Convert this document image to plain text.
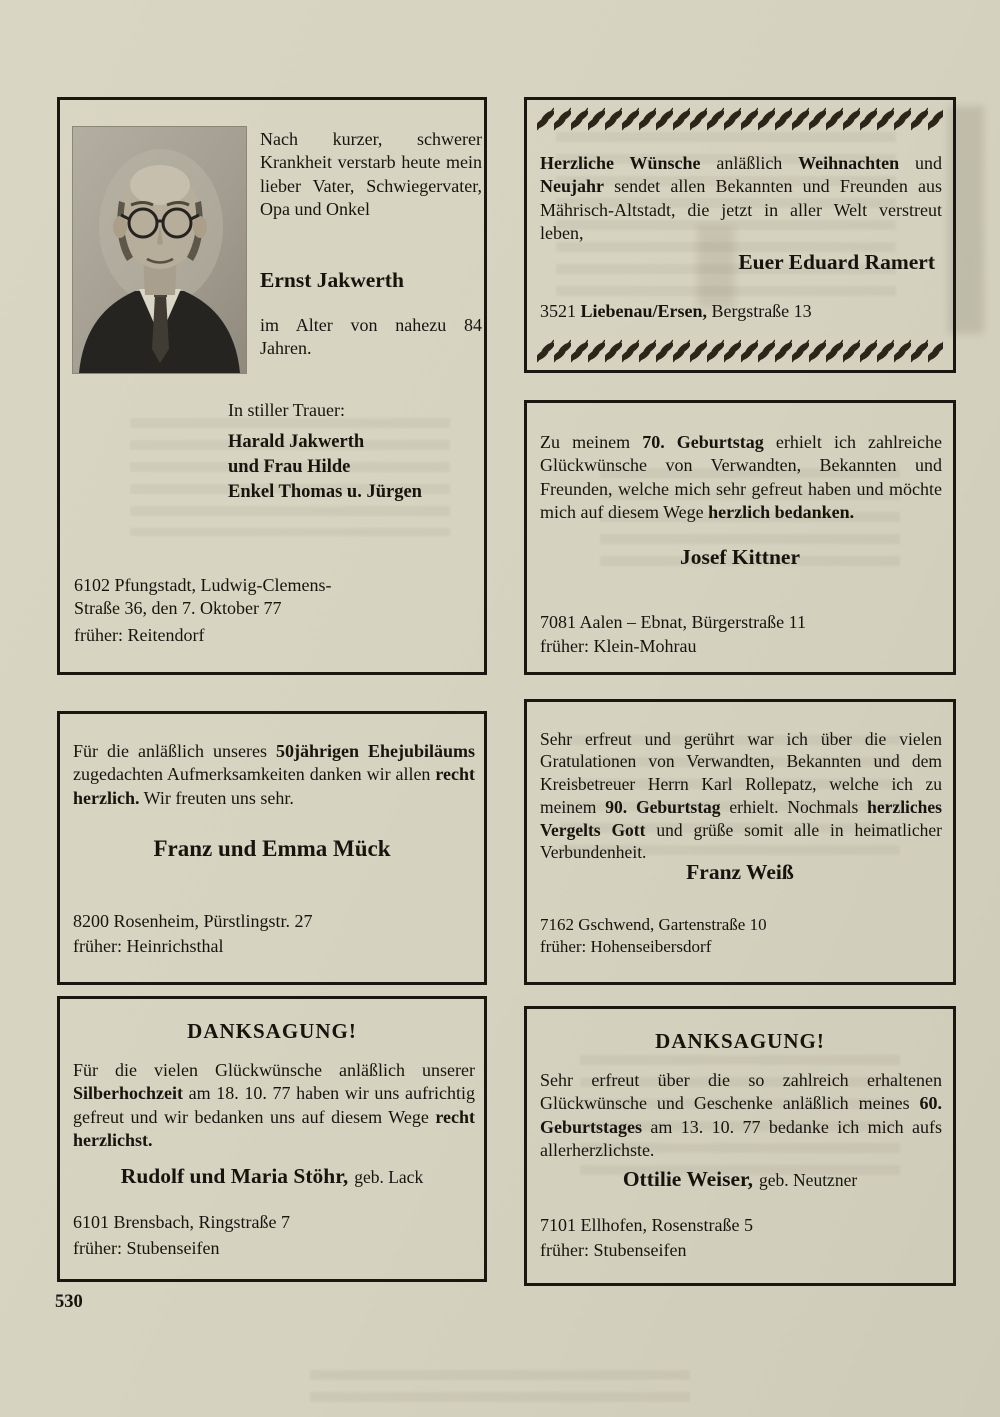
Nach kurzer, schwerer Krankheit verstarb heute mein lieber Vater, Schwiegervater, Opa und Onkel

Ernst Jakwerth

im Alter von nahezu 84 Jahren.

In stiller Trauer:
Harald Jakwerth
und Frau Hilde
Enkel Thomas u. Jürgen
6102 Pfungstadt, Ludwig-Clemens-
Straße 36, den 7. Oktober 77
früher: Reitendorf

Herzliche Wünsche anläßlich Weihnachten und Neujahr sendet allen Bekannten und Freunden aus Mährisch-Altstadt, die jetzt in aller Welt verstreut leben,

Euer Eduard Ramert
3521 Liebenau/Ersen, Bergstraße 13

Zu meinem 70. Geburtstag erhielt ich zahlreiche Glückwünsche von Verwandten, Bekannten und Freunden, welche mich sehr gefreut haben und möchte mich auf diesem Wege herzlich bedanken.

Josef Kittner
7081 Aalen – Ebnat, Bürgerstraße 11
früher: Klein-Mohrau

Für die anläßlich unseres 50jährigen Ehejubiläums zugedachten Aufmerksamkeiten danken wir allen recht herzlich. Wir freuten uns sehr.

Franz und Emma Mück
8200 Rosenheim, Pürstlingstr. 27
früher: Heinrichsthal

Sehr erfreut und gerührt war ich über die vielen Gratulationen von Verwandten, Bekannten und dem Kreisbetreuer Herrn Karl Rollepatz, welche ich zu meinem 90. Geburtstag erhielt. Nochmals herzliches Vergelts Gott und grüße somit alle in heimatlicher Verbundenheit.

Franz Weiß
7162 Gschwend, Gartenstraße 10
früher: Hohenseibersdorf
DANKSAGUNG!

Für die vielen Glückwünsche anläßlich unserer Silberhochzeit am 18. 10. 77 haben wir uns aufrichtig gefreut und wir bedanken uns auf diesem Wege recht herzlichst.

Rudolf und Maria Stöhr, geb. Lack
6101 Brensbach, Ringstraße 7
früher: Stubenseifen
DANKSAGUNG!

Sehr erfreut über die so zahlreich erhaltenen Glückwünsche und Geschenke anläßlich meines 60. Geburtstages am 13. 10. 77 bedanke ich mich aufs allerherzlichste.

Ottilie Weiser, geb. Neutzner
7101 Ellhofen, Rosenstraße 5
früher: Stubenseifen
530
